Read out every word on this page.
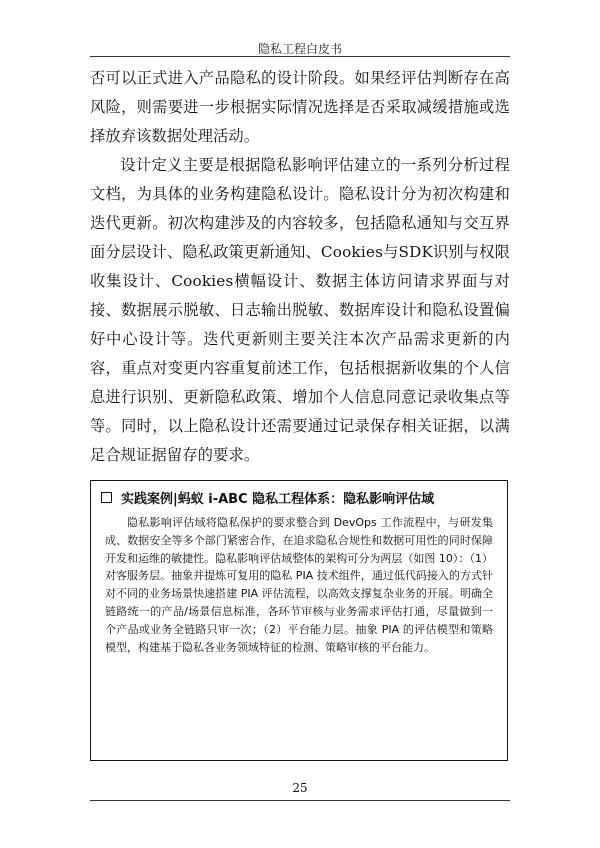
隐私工程白皮书

否可以正式进入产品隐私的设计阶段。如果经评估判断存在高风险，则需要进一步根据实际情况选择是否采取减缓措施或选择放弃该数据处理活动。

设计定义主要是根据隐私影响评估建立的一系列分析过程文档，为具体的业务构建隐私设计。隐私设计分为初次构建和迭代更新。初次构建涉及的内容较多，包括隐私通知与交互界面分层设计、隐私政策更新通知、Cookies与SDK识别与权限收集设计、Cookies横幅设计、数据主体访问请求界面与对接、数据展示脱敏、日志输出脱敏、数据库设计和隐私设置偏好中心设计等。迭代更新则主要关注本次产品需求更新的内容，重点对变更内容重复前述工作，包括根据新收集的个人信息进行识别、更新隐私政策、增加个人信息同意记录收集点等等。同时，以上隐私设计还需要通过记录保存相关证据，以满足合规证据留存的要求。

实践案例|蚂蚁 i-ABC 隐私工程体系：隐私影响评估域
隐私影响评估域将隐私保护的要求整合到 DevOps 工作流程中，与研发集成、数据安全等多个部门紧密合作，在追求隐私合规性和数据可用性的同时保障开发和运维的敏捷性。隐私影响评估域整体的架构可分为两层（如图 10）：（1）对客服务层。抽象并提炼可复用的隐私 PIA 技术组件，通过低代码接入的方式针对不同的业务场景快速搭建 PIA 评估流程，以高效支撑复杂业务的开展。明确全链路统一的产品/场景信息标准，各环节审核与业务需求评估打通，尽量做到一个产品或业务全链路只审一次；（2）平台能力层。抽象 PIA 的评估模型和策略模型，构建基于隐私各业务领域特征的检测、策略审核的平台能力。
25
